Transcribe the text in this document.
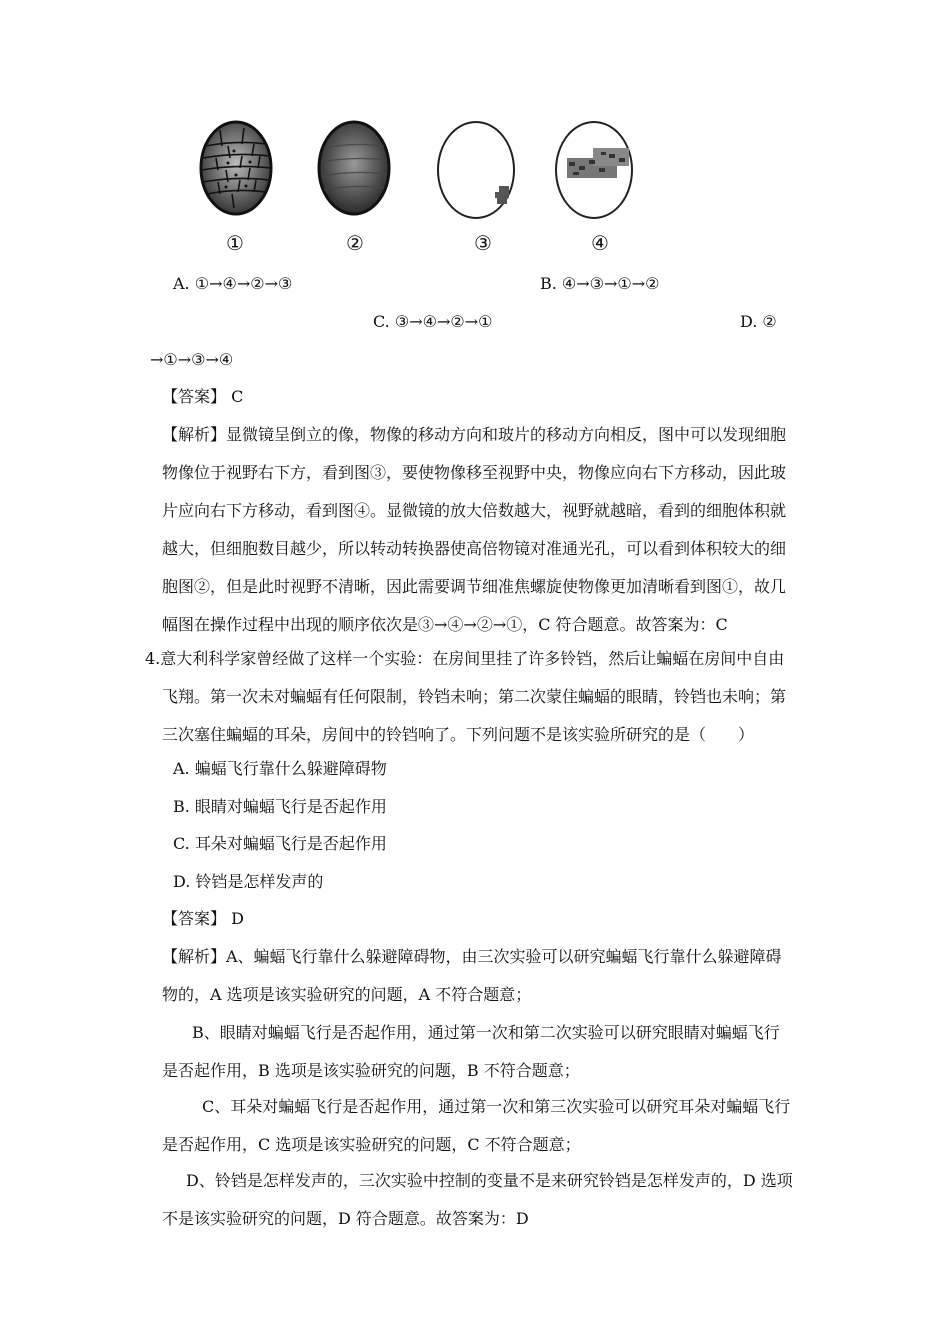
①	②	③	④
A. ①→④→②→③	B. ④→③→①→②
C. ③→④→②→①	D. ②
→①→③→④
【答案】 C
【解析】显微镜呈倒立的像，物像的移动方向和玻片的移动方向相反，图中可以发现细胞
物像位于视野右下方，看到图③，要使物像移至视野中央，物像应向右下方移动，因此玻
片应向右下方移动，看到图④。显微镜的放大倍数越大，视野就越暗，看到的细胞体积就
越大，但细胞数目越少，所以转动转换器使高倍物镜对准通光孔，可以看到体积较大的细
胞图②，但是此时视野不清晰，因此需要调节细准焦螺旋使物像更加清晰看到图①，故几
幅图在操作过程中出现的顺序依次是③→④→②→①，C 符合题意。故答案为：C
4.意大利科学家曾经做了这样一个实验：在房间里挂了许多铃铛，然后让蝙蝠在房间中自由
飞翔。第一次未对蝙蝠有任何限制，铃铛未响；第二次蒙住蝙蝠的眼睛，铃铛也未响；第
三次塞住蝙蝠的耳朵，房间中的铃铛响了。下列问题不是该实验所研究的是（　　）
A. 蝙蝠飞行靠什么躲避障碍物
B. 眼睛对蝙蝠飞行是否起作用
C. 耳朵对蝙蝠飞行是否起作用
D. 铃铛是怎样发声的
【答案】 D
【解析】A、蝙蝠飞行靠什么躲避障碍物，由三次实验可以研究蝙蝠飞行靠什么躲避障碍
物的，A 选项是该实验研究的问题，A 不符合题意；
B、眼睛对蝙蝠飞行是否起作用，通过第一次和第二次实验可以研究眼睛对蝙蝠飞行
是否起作用，B 选项是该实验研究的问题，B 不符合题意；
C、耳朵对蝙蝠飞行是否起作用，通过第一次和第三次实验可以研究耳朵对蝙蝠飞行
是否起作用，C 选项是该实验研究的问题，C 不符合题意；
D、铃铛是怎样发声的，三次实验中控制的变量不是来研究铃铛是怎样发声的，D 选项
不是该实验研究的问题，D 符合题意。故答案为：D
